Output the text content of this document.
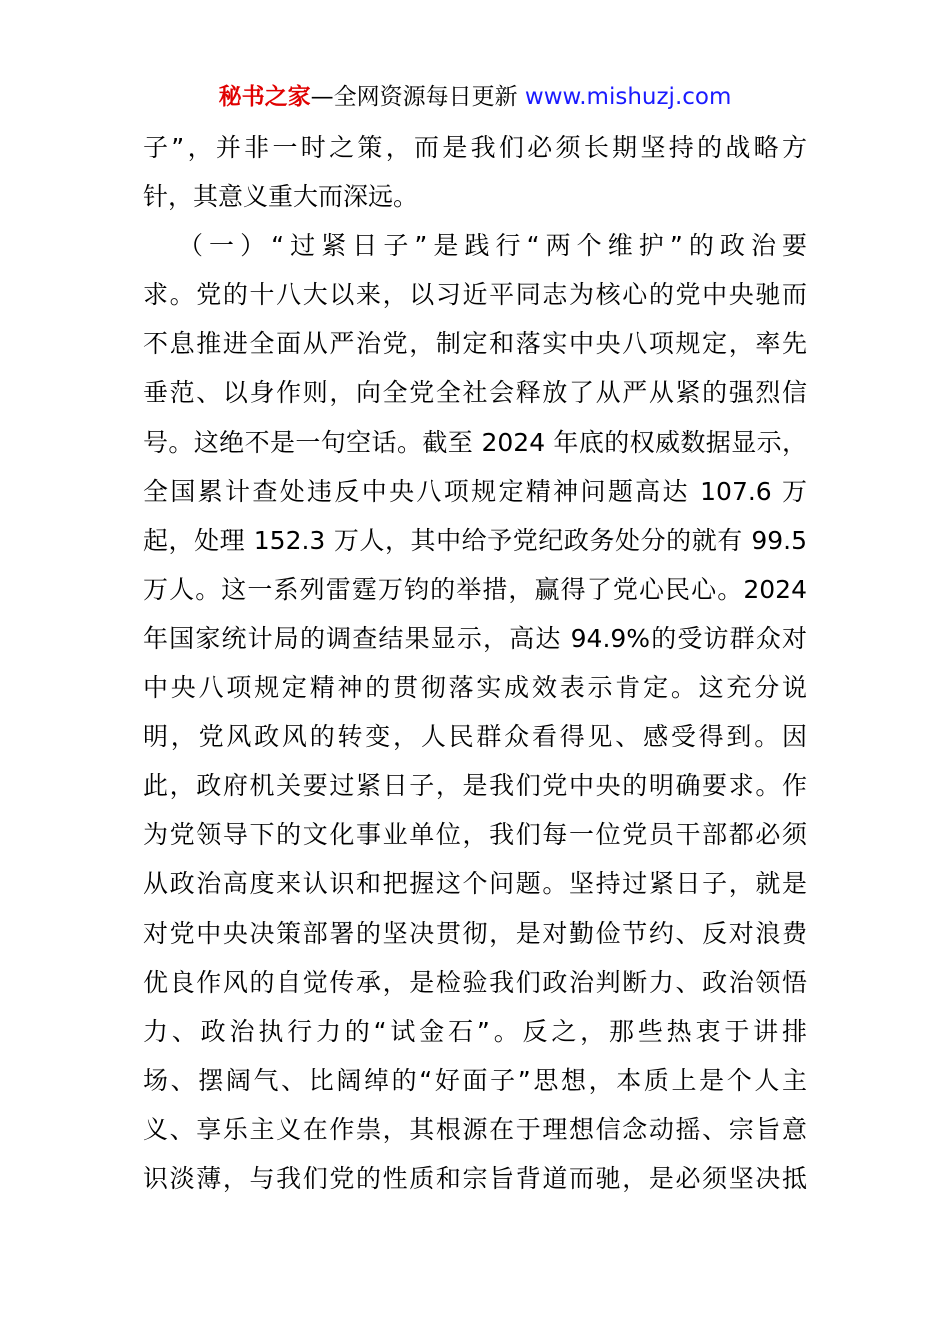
秘书之家—全网资源每日更新 www.mishuzj.com
子”，并非一时之策，而是我们必须长期坚持的战略方
针，其意义重大而深远。
（一）“过紧日子”是践行“两个维护”的政治要
求。党的十八大以来，以习近平同志为核心的党中央驰而
不息推进全面从严治党，制定和落实中央八项规定，率先
垂范、以身作则，向全党全社会释放了从严从紧的强烈信
号。这绝不是一句空话。截至 2024 年底的权威数据显示，
全国累计查处违反中央八项规定精神问题高达 107.6 万
起，处理 152.3 万人，其中给予党纪政务处分的就有 99.5
万人。这一系列雷霆万钧的举措，赢得了党心民心。2024
年国家统计局的调查结果显示，高达 94.9%的受访群众对
中央八项规定精神的贯彻落实成效表示肯定。这充分说
明，党风政风的转变，人民群众看得见、感受得到。因
此，政府机关要过紧日子，是我们党中央的明确要求。作
为党领导下的文化事业单位，我们每一位党员干部都必须
从政治高度来认识和把握这个问题。坚持过紧日子，就是
对党中央决策部署的坚决贯彻，是对勤俭节约、反对浪费
优良作风的自觉传承，是检验我们政治判断力、政治领悟
力、政治执行力的“试金石”。反之，那些热衷于讲排
场、摆阔气、比阔绰的“好面子”思想，本质上是个人主
义、享乐主义在作祟，其根源在于理想信念动摇、宗旨意
识淡薄，与我们党的性质和宗旨背道而驰，是必须坚决抵
